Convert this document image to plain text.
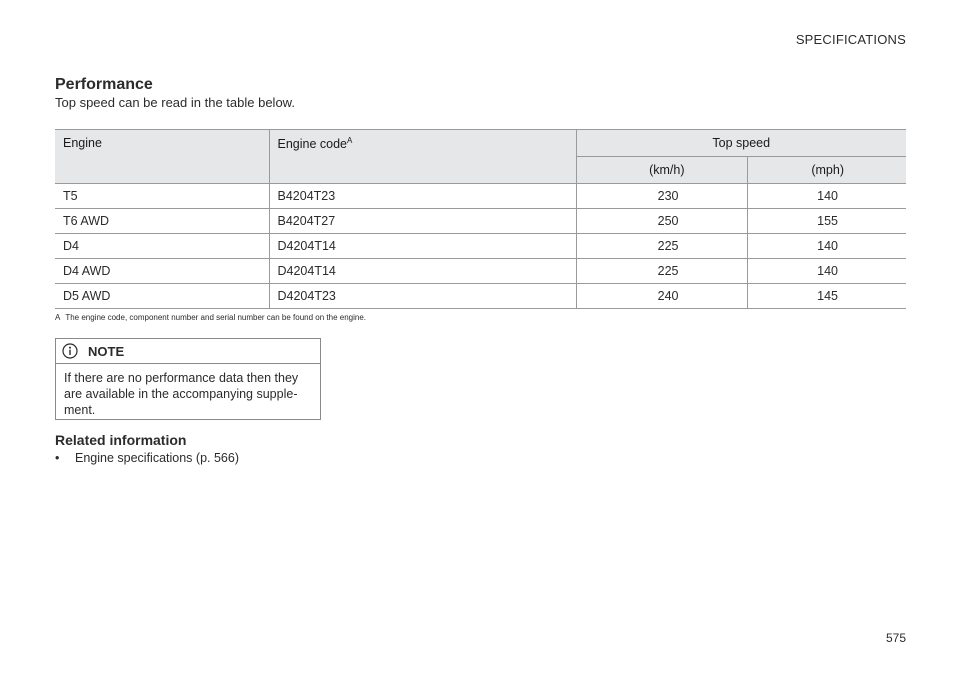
SPECIFICATIONS
Performance

Top speed can be read in the table below.

Engine	Engine code$^A$	Top speed	
		(km/h)	(mph)
T5	B4204T23	230	140
T6 AWD	B4204T27	250	155
D4	D4204T14	225	140
D4 AWD	D4204T14	225	140
D5 AWD	D4204T23	240	145
A The engine code, component number and serial number can be found on the engine.
NOTE
If there are no performance data then they are available in the accompanying supple-ment.
Related information
• Engine specifications (p. 566)
575
